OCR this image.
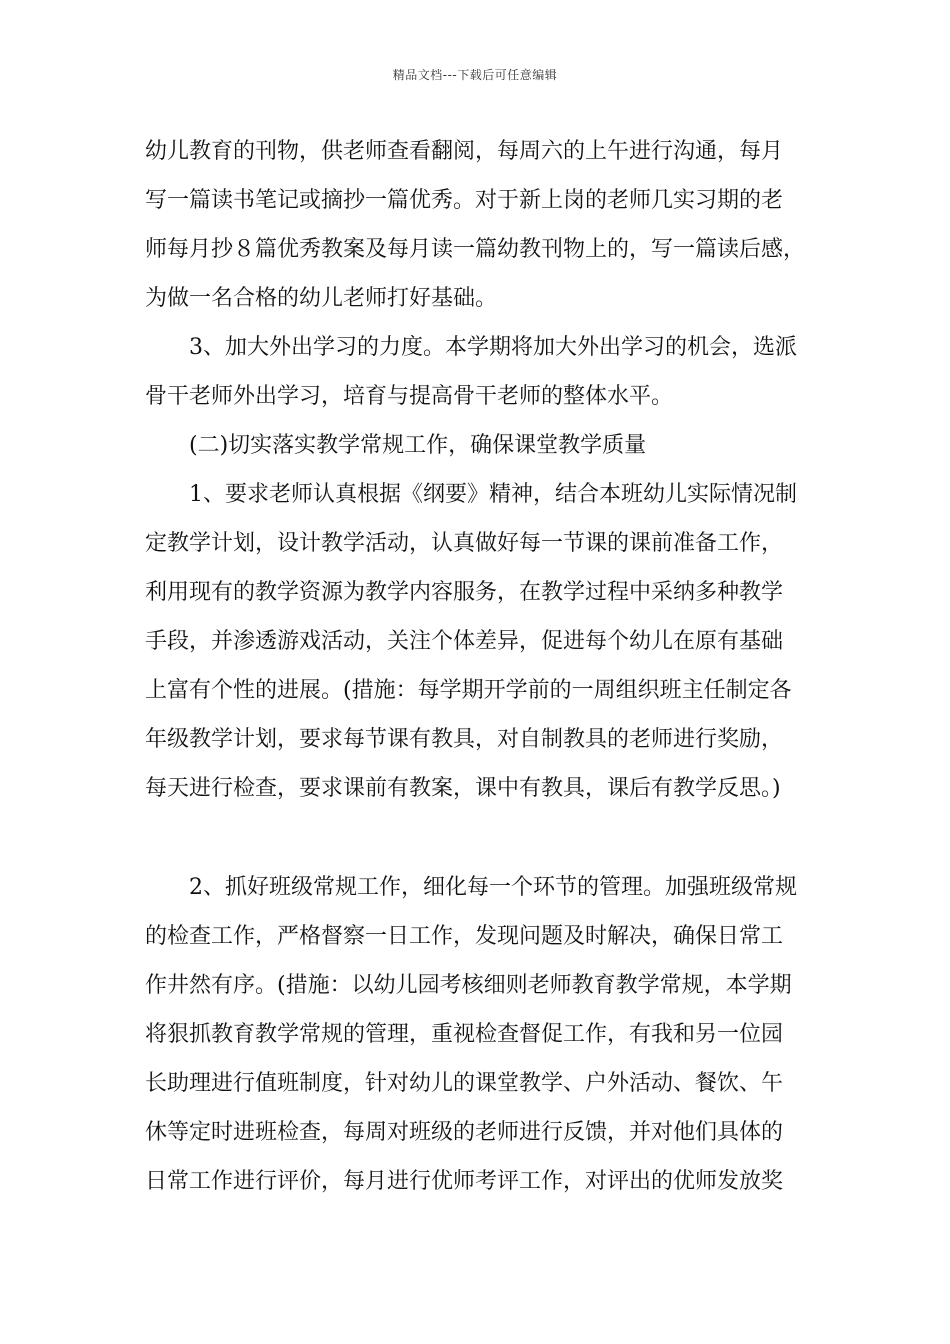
精品文档---下载后可任意编辑
幼儿教育的刊物，供老师查看翻阅，每周六的上午进行沟通，每月
写一篇读书笔记或摘抄一篇优秀。对于新上岗的老师几实习期的老
师每月抄８篇优秀教案及每月读一篇幼教刊物上的，写一篇读后感，
为做一名合格的幼儿老师打好基础。
3、加大外出学习的力度。本学期将加大外出学习的机会，选派
骨干老师外出学习，培育与提高骨干老师的整体水平。
(二)切实落实教学常规工作，确保课堂教学质量
1、要求老师认真根据《纲要》精神，结合本班幼儿实际情况制
定教学计划，设计教学活动，认真做好每一节课的课前准备工作，
利用现有的教学资源为教学内容服务，在教学过程中采纳多种教学
手段，并渗透游戏活动，关注个体差异，促进每个幼儿在原有基础
上富有个性的进展。(措施：每学期开学前的一周组织班主任制定各
年级教学计划，要求每节课有教具，对自制教具的老师进行奖励，
每天进行检查，要求课前有教案，课中有教具，课后有教学反思。)
2、抓好班级常规工作，细化每一个环节的管理。加强班级常规
的检查工作，严格督察一日工作，发现问题及时解决，确保日常工
作井然有序。(措施：以幼儿园考核细则老师教育教学常规，本学期
将狠抓教育教学常规的管理，重视检查督促工作，有我和另一位园
长助理进行值班制度，针对幼儿的课堂教学、户外活动、餐饮、午
休等定时进班检查，每周对班级的老师进行反馈，并对他们具体的
日常工作进行评价，每月进行优师考评工作，对评出的优师发放奖
